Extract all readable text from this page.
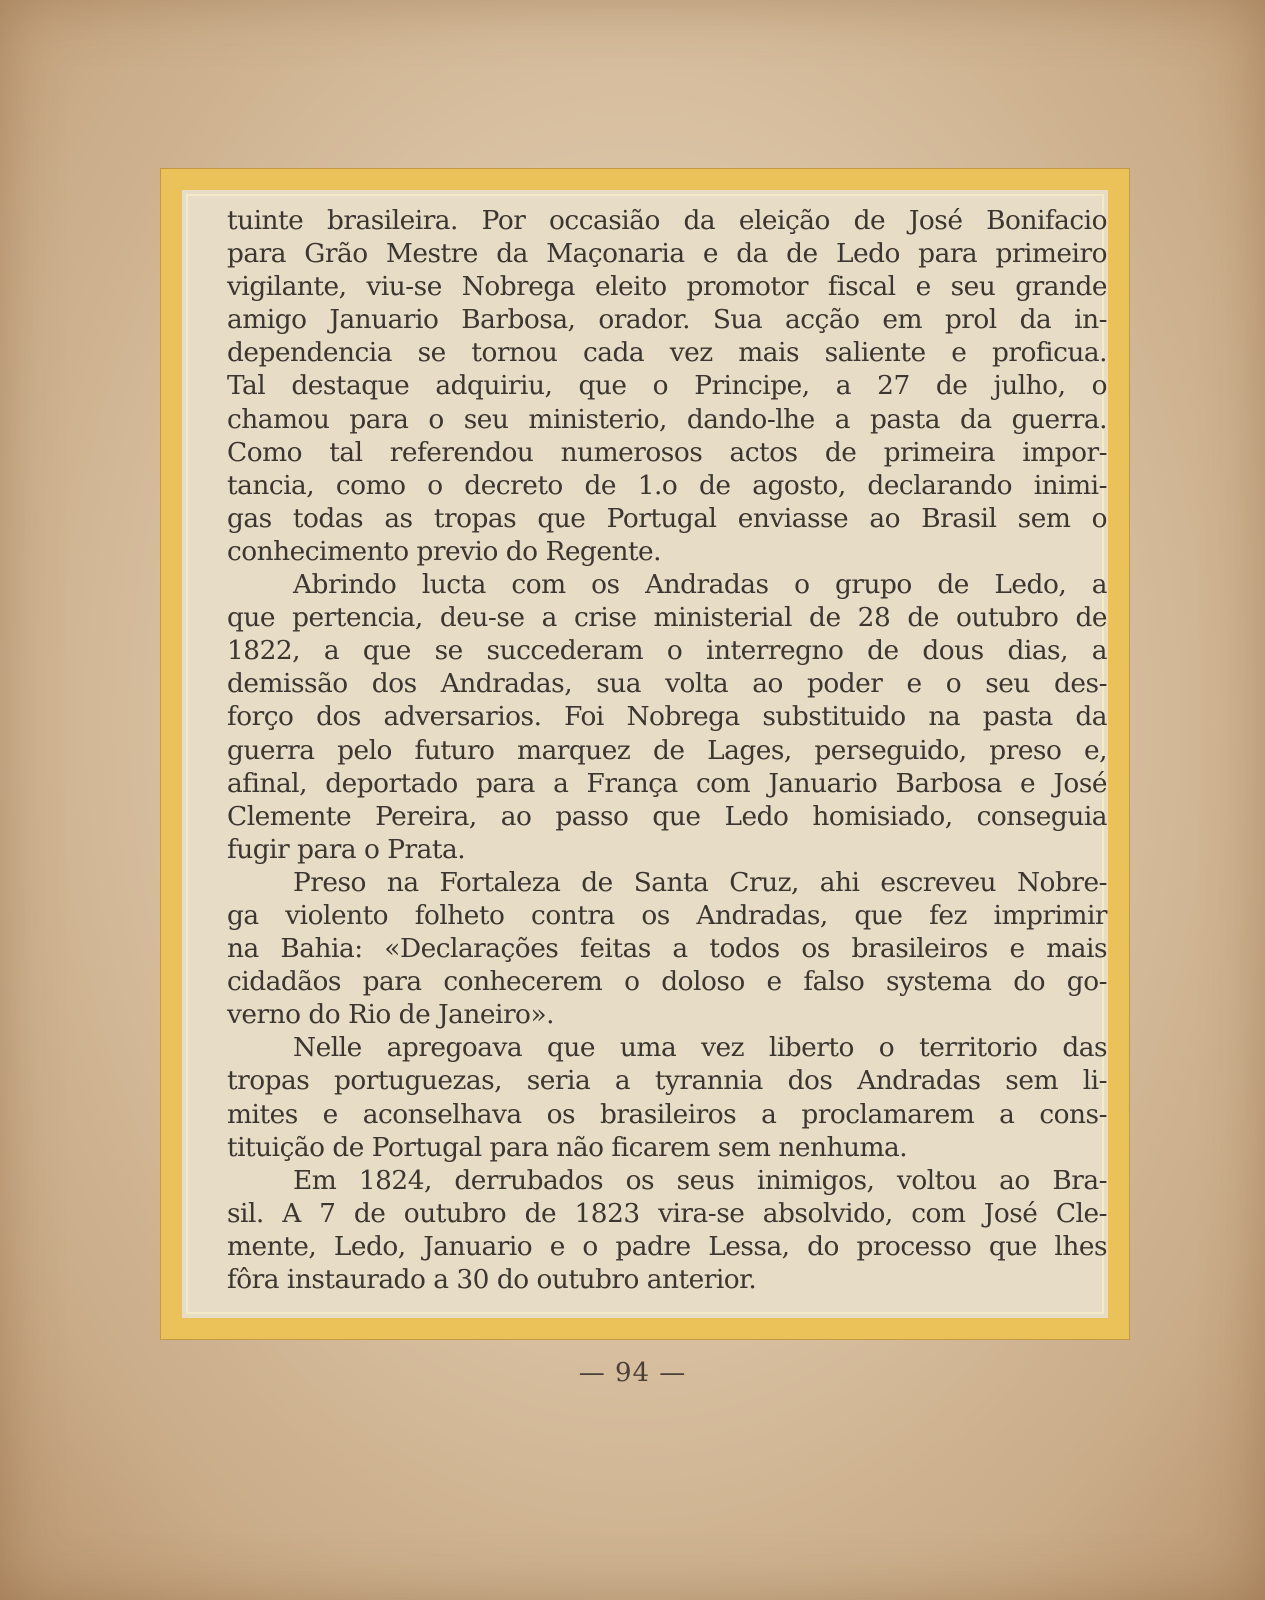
tuinte brasileira. Por occasião da eleição de José Bonifacio
para Grão Mestre da Maçonaria e da de Ledo para primeiro
vigilante, viu-se Nobrega eleito promotor fiscal e seu grande
amigo Januario Barbosa, orador. Sua acção em prol da in-
dependencia se tornou cada vez mais saliente e proficua.
Tal destaque adquiriu, que o Principe, a 27 de julho, o
chamou para o seu ministerio, dando-lhe a pasta da guerra.
Como tal referendou numerosos actos de primeira impor-
tancia, como o decreto de 1.o de agosto, declarando inimi-
gas todas as tropas que Portugal enviasse ao Brasil sem o
conhecimento previo do Regente.
Abrindo lucta com os Andradas o grupo de Ledo, a
que pertencia, deu-se a crise ministerial de 28 de outubro de
1822, a que se succederam o interregno de dous dias, a
demissão dos Andradas, sua volta ao poder e o seu des-
forço dos adversarios. Foi Nobrega substituido na pasta da
guerra pelo futuro marquez de Lages, perseguido, preso e,
afinal, deportado para a França com Januario Barbosa e José
Clemente Pereira, ao passo que Ledo homisiado, conseguia
fugir para o Prata.
Preso na Fortaleza de Santa Cruz, ahi escreveu Nobre-
ga violento folheto contra os Andradas, que fez imprimir
na Bahia: «Declarações feitas a todos os brasileiros e mais
cidadãos para conhecerem o doloso e falso systema do go-
verno do Rio de Janeiro».
Nelle apregoava que uma vez liberto o territorio das
tropas portuguezas, seria a tyrannia dos Andradas sem li-
mites e aconselhava os brasileiros a proclamarem a cons-
tituição de Portugal para não ficarem sem nenhuma.
Em 1824, derrubados os seus inimigos, voltou ao Bra-
sil. A 7 de outubro de 1823 vira-se absolvido, com José Cle-
mente, Ledo, Januario e o padre Lessa, do processo que lhes
fôra instaurado a 30 do outubro anterior.
— 94 —
